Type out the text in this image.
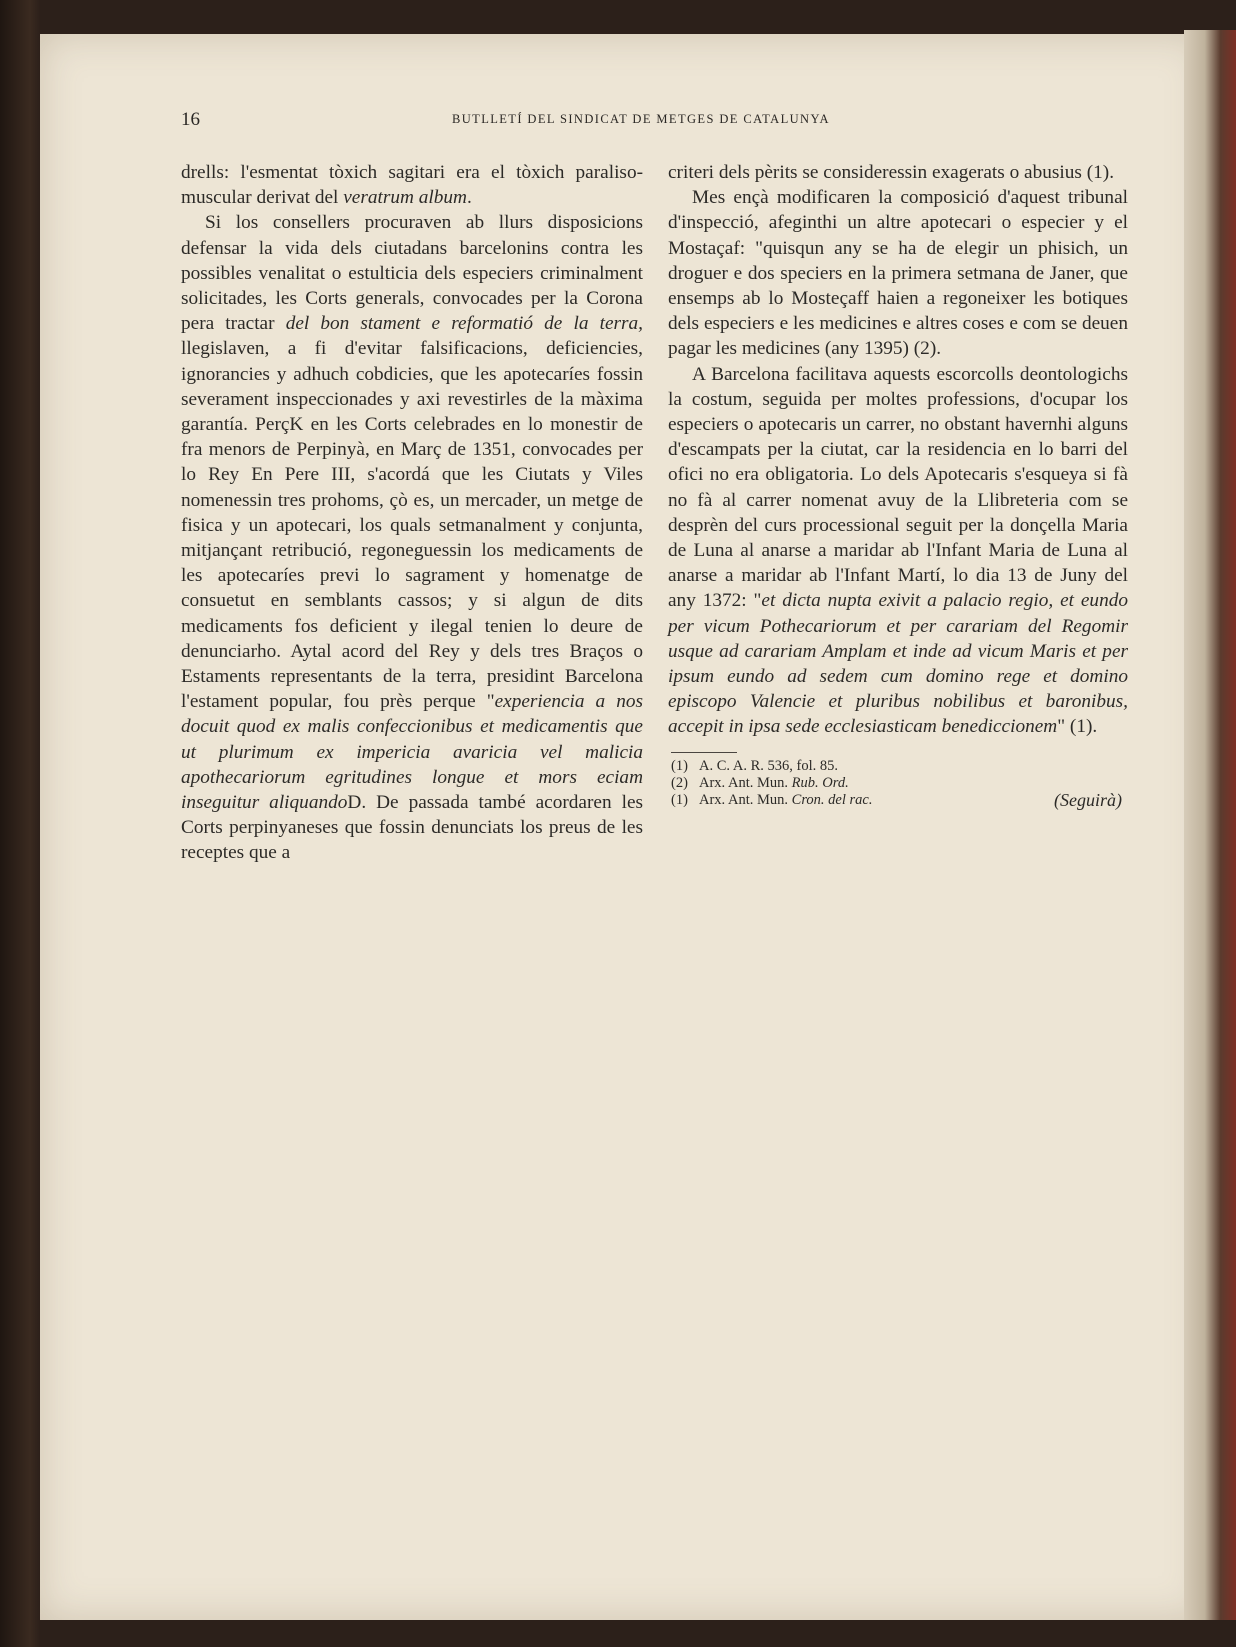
16	BUTLLETÍ DEL SINDICAT DE METGES DE CATALUNYA

drells: l'esmentat tòxich sagitari era el tòxich paraliso-muscular derivat del veratrum album.

Si los consellers procuraven ab llurs disposicions defensar la vida dels ciutadans barcelonins contra les possibles venalitat o estulticia dels especiers criminalment solicitades, les Corts generals, convocades per la Corona pera tractar del bon stament e reformatió de la terra, llegislaven, a fi d'evitar falsificacions, deficiencies, ignorancies y adhuch cobdicies, que les apotecaríes fossin severament inspeccionades y axi revestirles de la màxima garantía. PerçK en les Corts celebrades en lo monestir de fra menors de Perpinyà, en Març de 1351, convocades per lo Rey En Pere III, s'acordá que les Ciutats y Viles nomenessin tres prohoms, çò es, un mercader, un metge de fisica y un apotecari, los quals setmanalment y conjunta, mitjançant retribució, regoneguessin los medicaments de les apotecaríes previ lo sagrament y homenatge de consuetut en semblants cassos; y si algun de dits medicaments fos deficient y ilegal tenien lo deure de denunciarho. Aytal acord del Rey y dels tres Braços o Estaments representants de la terra, presidint Barcelona l'estament popular, fou près perque "experiencia a nos docuit quod ex malis confeccionibus et medicamentis que ut plurimum ex impericia avaricia vel malicia apothecariorum egritudines longue et mors eciam inseguitur aliquandoD. De passada també acordaren les Corts perpinyaneses que fossin denunciats los preus de les receptes que a

criteri dels pèrits se consideressin exagerats o abusius (1).

Mes ençà modificaren la composició d'aquest tribunal d'inspecció, afeginthi un altre apotecari o especier y el Mostaçaf: "quisqun any se ha de elegir un phisich, un droguer e dos speciers en la primera setmana de Janer, que ensemps ab lo Mosteçaff haien a regoneixer les botiques dels especiers e les medicines e altres coses e com se deuen pagar les medicines (any 1395) (2).

A Barcelona facilitava aquests escorcolls deontologichs la costum, seguida per moltes professions, d'ocupar los especiers o apotecaris un carrer, no obstant havernhi alguns d'escampats per la ciutat, car la residencia en lo barri del ofici no era obligatoria. Lo dels Apotecaris s'esqueya si fà no fà al carrer nomenat avuy de la Llibreteria com se desprèn del curs processional seguit per la donçella Maria de Luna al anarse a maridar ab l'Infant Maria de Luna al anarse a maridar ab l'Infant Martí, lo dia 13 de Juny del any 1372: "et dicta nupta exivit a palacio regio, et eundo per vicum Pothecariorum et per carariam del Regomir usque ad carariam Amplam et inde ad vicum Maris et per ipsum eundo ad sedem cum domino rege et domino episcopo Valencie et pluribus nobilibus et baronibus, accepit in ipsa sede ecclesiasticam benediccionem" (1).

(1) A. C. A. R. 536, fol. 85.
(2) Arx. Ant. Mun. Rub. Ord.
(1) Arx. Ant. Mun. Cron. del rac.	(Seguirà)
